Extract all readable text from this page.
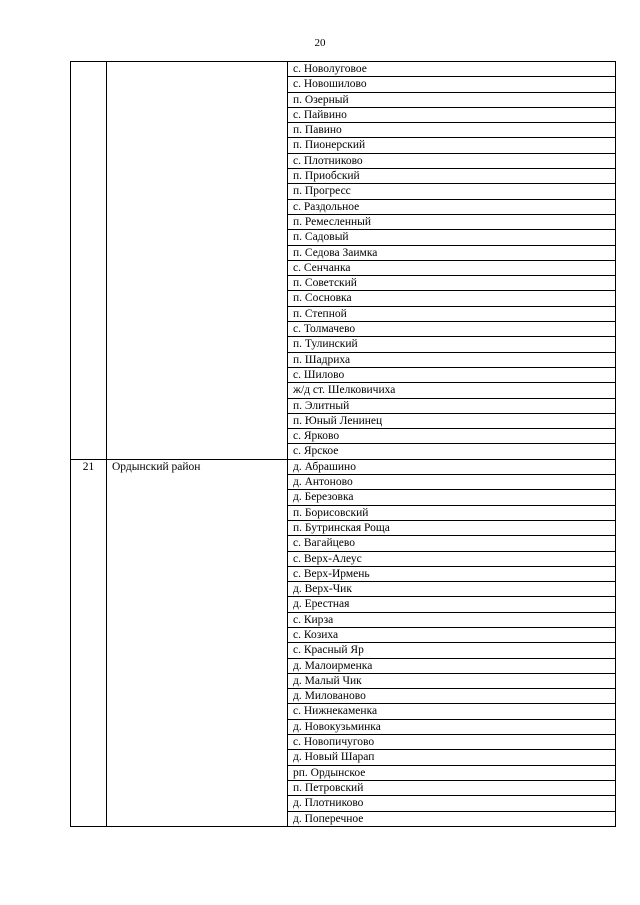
20
		с. Новолуговое
		с. Новошилово
		п. Озерный
		с. Пайвино
		п. Павино
		п. Пионерский
		с. Плотниково
		п. Приобский
		п. Прогресс
		с. Раздольное
		п. Ремесленный
		п. Садовый
		п. Седова Заимка
		с. Сенчанка
		п. Советский
		п. Сосновка
		п. Степной
		с. Толмачево
		п. Тулинский
		п. Шадриха
		с. Шилово
		ж/д ст. Шелковичиха
		п. Элитный
		п. Юный Ленинец
		с. Ярково
		с. Ярское
21	Ордынский район	д. Абрашино
		д. Антоново
		д. Березовка
		п. Борисовский
		п. Бутринская Роща
		с. Вагайцево
		с. Верх-Алеус
		с. Верх-Ирмень
		д. Верх-Чик
		д. Ерестная
		с. Кирза
		с. Козиха
		с. Красный Яр
		д. Малоирменка
		д. Малый Чик
		д. Милованово
		с. Нижнекаменка
		д. Новокузьминка
		с. Новопичугово
		д. Новый Шарап
		рп. Ордынское
		п. Петровский
		д. Плотниково
		д. Поперечное
